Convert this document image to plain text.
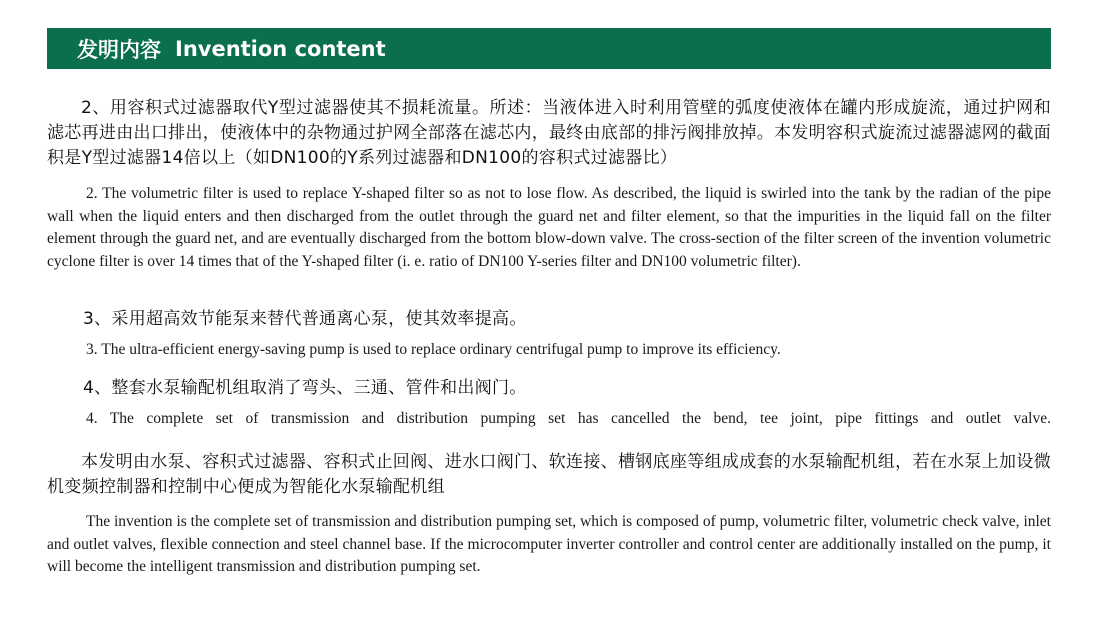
发明内容 Invention content

2、用容积式过滤器取代Y型过滤器使其不损耗流量。所述：当液体进入时利用管壁的弧度使液体在罐内形成旋流，通过护网和滤芯再进由出口排出，使液体中的杂物通过护网全部落在滤芯内，最终由底部的排污阀排放掉。本发明容积式旋流过滤器滤网的截面积是Y型过滤器14倍以上（如DN100的Y系列过滤器和DN100的容积式过滤器比）

2. The volumetric filter is used to replace Y-shaped filter so as not to lose flow. As described, the liquid is swirled into the tank by the radian of the pipe wall when the liquid enters and then discharged from the outlet through the guard net and filter element, so that the impurities in the liquid fall on the filter element through the guard net, and are eventually discharged from the bottom blow-down valve. The cross-section of the filter screen of the invention volumetric cyclone filter is over 14 times that of the Y-shaped filter (i. e. ratio of DN100 Y-series filter and DN100 volumetric filter).

3、采用超高效节能泵来替代普通离心泵，使其效率提高。

3. The ultra-efficient energy-saving pump is used to replace ordinary centrifugal pump to improve its efficiency.

4、整套水泵输配机组取消了弯头、三通、管件和出阀门。

4. The complete set of transmission and distribution pumping set has cancelled the bend, tee joint, pipe fittings and outlet valve.

本发明由水泵、容积式过滤器、容积式止回阀、进水口阀门、软连接、槽钢底座等组成成套的水泵输配机组，若在水泵上加设微机变频控制器和控制中心便成为智能化水泵输配机组

The invention is the complete set of transmission and distribution pumping set, which is composed of pump, volumetric filter, volumetric check valve, inlet and outlet valves, flexible connection and steel channel base. If the microcomputer inverter controller and control center are additionally installed on the pump, it will become the intelligent transmission and distribution pumping set.
